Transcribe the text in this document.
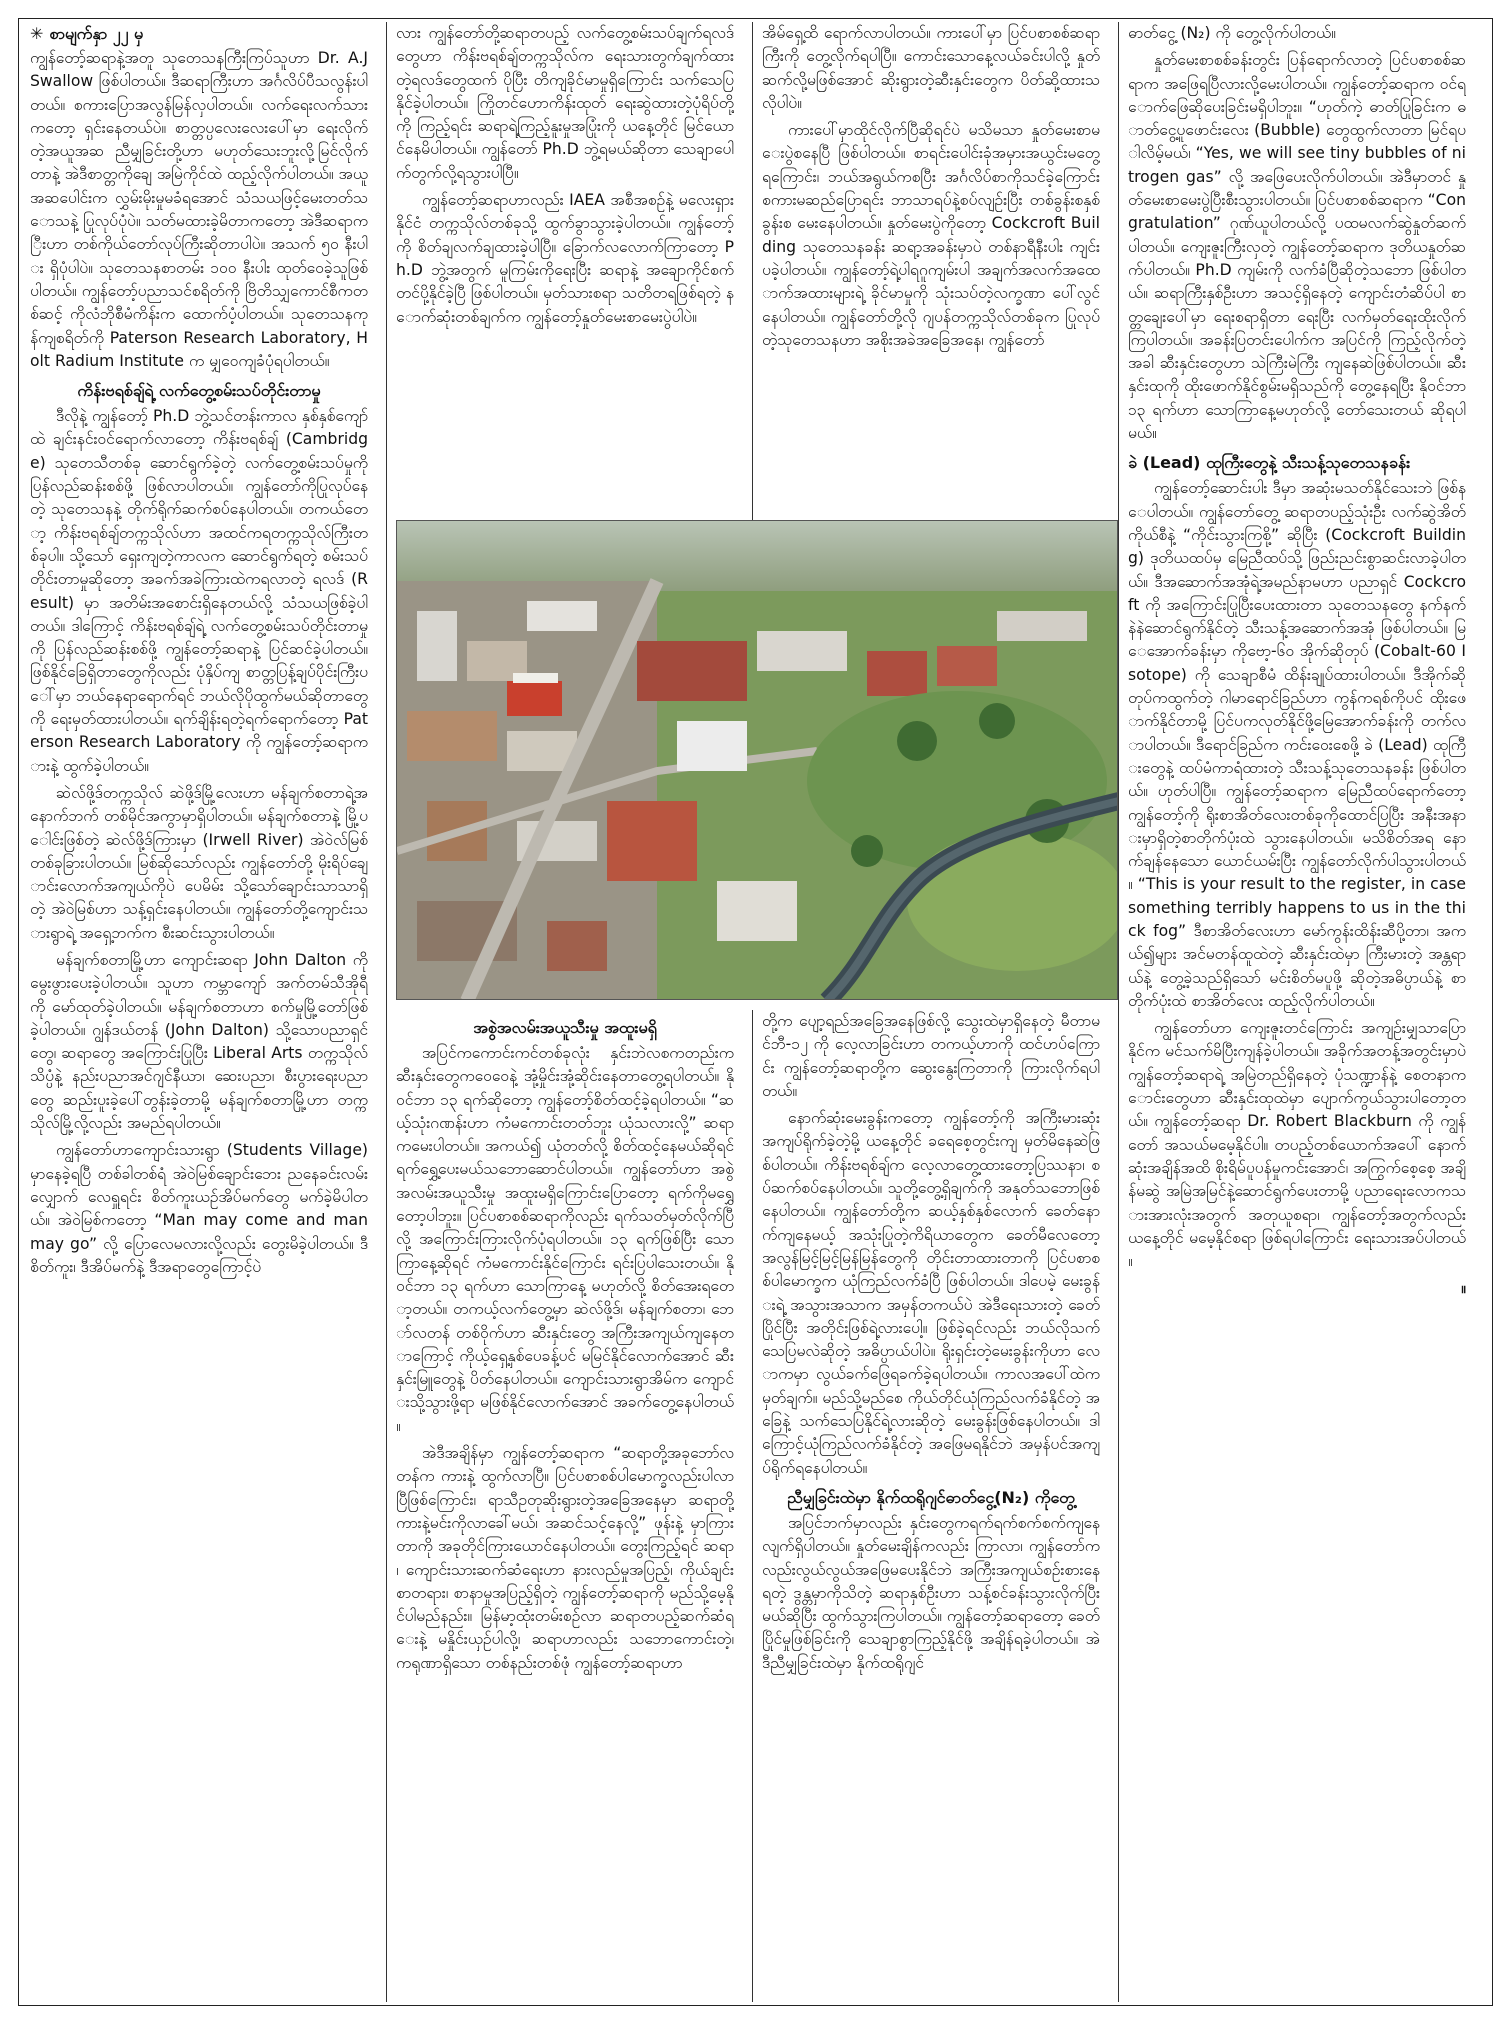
✳ စာမျက်နှာ ၂၂ မှ

ကျွန်တော့်ဆရာနဲ့အတူ သုတေသနကြီးကြပ်သူဟာ Dr. A.J Swallow ဖြစ်ပါတယ်။ ဒီဆရာကြီးဟာ အင်္ဂလိပ်ပီသလွန်းပါတယ်။ စကားပြောအလွန်မြန်လှပါတယ်။ လက်ရေးလက်သားကတော့ ရှင်းနေတယ်ပဲ။ စာတ္တပ္ပလေးလေးပေါ်မှာ ရေးလိုက်တဲ့အယူအဆ ညီမျှခြင်းတို့ဟာ မဟုတ်သေးဘူးလို့မြင်လိုက်တာနဲ့ အဲဒီစာတ္တကိုချေ အမြဲကိုင်ထဲ ထည့်လိုက်ပါတယ်။ အယူအဆပေါင်းက လွှမ်းမိုးမှုမခံရအောင် သံသယဖြင့်မေးတတ်သောသနဲ့ ပြုလုပ်ပုံပဲ။ သတ်မထားခဲ့မိတာကတော့ အဲဒီဆရာကြီးဟာ တစ်ကိုယ်တော်လုပ်ကြီးဆိုတာပါပဲ။ အသက် ၅၀ နီးပါး ရှိပုံပါပဲ။ သုတေသနစာတမ်း ၁၀၀ နီးပါး ထုတ်ဝေခဲ့သူဖြစ်ပါတယ်။ ကျွန်တော့်ပညာသင်စရိတ်ကို ဗြိတိသျှကောင်စီကတစ်ဆင့် ကိုလံဘိုစီမံကိန်းက ထောက်ပံ့ပါတယ်။ သုတေသနကုန်ကျစရိတ်ကို Paterson Research Laboratory, Holt Radium Institute က မျှဝေကျခံပုံရပါတယ်။

ကိန်းဗရစ်ချ်ရဲ့ လက်တွေ့စမ်းသပ်တိုင်းတာမှု

ဒီလိုနဲ့ ကျွန်တော့် Ph.D ဘွဲ့သင်တန်းကာလ နှစ်နှစ်ကျော်ထဲ ချင်းနင်းဝင်ရောက်လာတော့ ကိန်းဗရစ်ချ် (Cambridge) သုတေသီတစ်ခု ဆောင်ရွက်ခဲ့တဲ့ လက်တွေ့စမ်းသပ်မှုကို ပြန်လည်ဆန်းစစ်ဖို့ ဖြစ်လာပါတယ်။ ကျွန်တော်ကိုပြုလုပ်နေတဲ့ သုတေသနနဲ့ တိုက်ရိုက်ဆက်စပ်နေပါတယ်။ တကယ်တော့ ကိန်းဗရစ်ချ်တက္ကသိုလ်ဟာ အထင်ကရတက္ကသိုလ်ကြီးတစ်ခုပါ။ သို့သော် ရှေးကျတဲ့ကာလက ဆောင်ရွက်ရတဲ့ စမ်းသပ်တိုင်းတာမှုဆိုတော့ အခက်အခဲကြားထဲကရလာတဲ့ ရလဒ် (Result) မှာ အတိမ်းအစောင်းရှိနေတယ်လို့ သံသယဖြစ်ခဲ့ပါတယ်။ ဒါကြောင့် ကိန်းဗရစ်ချ်ရဲ့ လက်တွေ့စမ်းသပ်တိုင်းတာမှုကို ပြန်လည်ဆန်းစစ်ဖို့ ကျွန်တော့်ဆရာနဲ့ ပြင်ဆင်ခဲ့ပါတယ်။ ဖြစ်နိုင်ခြေရှိတာတွေကိုလည်း ပုံနှိပ်ကျ စာတ္တပြန့်ချပ်ပိုင်းကြီးပေါ်မှာ ဘယ်နေရာရောက်ရင် ဘယ်လိုပိုထွက်မယ်ဆိုတာတွေကို ရေးမှတ်ထားပါတယ်။ ရက်ချိန်းရတဲ့ရက်ရောက်တော့ Paterson Research Laboratory ကို ကျွန်တော့်ဆရာကားနဲ့ ထွက်ခဲ့ပါတယ်။

ဆဲလ်ဖို့ဒ်တက္ကသိုလ် ဆဲဖို့ဒ်မြို့လေးဟာ မန်ချက်စတာရဲ့အနောက်ဘက် တစ်မိုင်အကွာမှာရှိပါတယ်။ မန်ချက်စတာနဲ့ မြို့ပေါင်းဖြစ်တဲ့ ဆဲလ်ဖို့ဒ်ကြားမှာ (Irwell River) အဲဝဲလ်မြစ်တစ်ခုခြားပါတယ်။ မြစ်ဆိုသော်လည်း ကျွန်တော်တို့ မိုးရိပ်ချောင်းလောက်အကျယ်ကိုပဲ ပေမိမ်း သို့သော်ချောင်းသာသာရှိတဲ့ အဲဝဲမြစ်ဟာ သန့်ရှင်းနေပါတယ်။ ကျွန်တော်တို့ကျောင်းသားရွာရဲ့ အရှေ့ဘက်က စီးဆင်းသွားပါတယ်။

မန်ချက်စတာမြို့ဟာ ကျောင်းဆရာ John Dalton ကို မွေးဖွားပေးခဲ့ပါတယ်။ သူဟာ ကမ္ဘာကျော် အက်တမ်သီအိုရီကို မော်ထုတ်ခဲ့ပါတယ်။ မန်ချက်စတာဟာ စက်မှုမြို့တော်ဖြစ်ခဲ့ပါတယ်။ ဂျွန်ဒယ်တန် (John Dalton) သို့သောပညာရှင်တွေ၊ ဆရာတွေ အကြောင်းပြုပြီး Liberal Arts တက္ကသိုလ် သိပ္ပံနဲ့ နည်းပညာအင်ဂျင်နီယာ၊ ဆေးပညာ၊ စီးပွားရေးပညာတွေ ဆည်းပူးခဲ့ပေါ်တွန်းခဲ့တာမို့ မန်ချက်စတာမြို့ဟာ တက္ကသိုလ်မြို့လို့လည်း အမည်ရပါတယ်။

ကျွန်တော်ဟာကျောင်းသားရွာ (Students Village) မှာနေခဲ့ရပြီ တစ်ခါတစ်ရံ အဲဝဲမြစ်ချောင်းဘေး ညနေခင်းလမ်းလျှောက် လေရှူရင်း စိတ်ကူးယဉ်အိပ်မက်တွေ မက်ခဲ့မိပါတယ်။ အဲဝဲမြစ်ကတော့ “Man may come and man may go” လို့ ပြောလေမလားလို့လည်း တွေးမိခဲ့ပါတယ်။ ဒီစိတ်ကူး၊ ဒီအိပ်မက်နဲ့ ဒီအရာတွေကြောင့်ပဲ

လား ကျွန်တော်တို့ဆရာတပည့် လက်တွေ့စမ်းသပ်ချက်ရလဒ်တွေဟာ ကိန်းဗရစ်ချ်တက္ကသိုလ်က ရေးသားတွက်ချက်ထားတဲ့ရလဒ်တွေထက် ပိုပြီး တိကျခိုင်မာမှုရှိကြောင်း သက်သေပြနိုင်ခဲ့ပါတယ်။ ကြိုတင်ဟောကိန်းထုတ် ရေးဆွဲထားတဲ့ပုံရိပ်တို့ကို ကြည့်ရင်း ဆရာရဲ့ကြည့်နူးမှုအပြုံးကို ယနေ့တိုင် မြင်ယောင်နေမိပါတယ်။ ကျွန်တော် Ph.D ဘွဲ့ရမယ်ဆိုတာ သေချာပေါက်တွက်လို့ရသွားပါပြီ။

ကျွန်တော့်ဆရာဟာလည်း IAEA အစီအစဉ်နဲ့ မလေးရှားနိုင်ငံ တက္ကသိုလ်တစ်ခုသို့ ထွက်ခွာသွားခဲ့ပါတယ်။ ကျွန်တော့်ကို စိတ်ချလက်ချထားခဲ့ပါပြီ။ ခြောက်လလောက်ကြာတော့ Ph.D ဘွဲ့အတွက် မူကြမ်းကိုရေးပြီး ဆရာနဲ့ အချောကိုင်စက်တင်ပို့နိုင်ခဲ့ပြီ ဖြစ်ပါတယ်။ မှတ်သားစရာ သတိတရဖြစ်ရတဲ့ နောက်ဆုံးတစ်ချက်က ကျွန်တော့်နှုတ်မေးစာမေးပွဲပါပဲ။

အိမ်ရှေ့ထိ ရောက်လာပါတယ်။ ကားပေါ်မှာ ပြင်ပစာစစ်ဆရာကြီးကို တွေ့လိုက်ရပါပြီ။ ကောင်းသောနေ့လယ်ခင်းပါလို့ နှုတ်ဆက်လို့မဖြစ်အောင် ဆိုးရွားတဲ့ဆီးနှင်းတွေက ပိတ်ဆို့ထားသလိုပါပဲ။

ကားပေါ်မှာထိုင်လိုက်ပြီဆိုရင်ပဲ မသိမသာ နှုတ်မေးစာမေးပွဲစနေပြီ ဖြစ်ပါတယ်။ စာရင်းပေါင်းခုံအမှားအယွင်းမတွေ့ရကြောင်း၊ ဘယ်အရွယ်ကစပြီး အင်္ဂလိပ်စာကိုသင်ခဲ့ကြောင်း စကားမဆည်ပြောရင်း ဘာသာရပ်နဲ့စပ်လျဉ်းပြီး တစ်ခွန်းစနှစ်ခွန်းစ မေးနေပါတယ်။ နှုတ်မေးပွဲကိုတော့ Cockcroft Building သုတေသနခန်း ဆရာ့အခန်းမှာပဲ တစ်နာရီနီးပါး ကျင်းပခဲ့ပါတယ်။ ကျွန်တော့်ရဲ့ပါရဂူကျမ်းပါ အချက်အလက်အထောက်အထားများရဲ့ ခိုင်မာမှုကို သုံးသပ်တဲ့လက္ခဏာ ပေါ်လွင်နေပါတယ်။ ကျွန်တော်တို့လို ဂျပန်တက္ကသိုလ်တစ်ခုက ပြုလုပ်တဲ့သုတေသနဟာ အစိုးအခဲအခြေအနေ၊ ကျွန်တော်

အစွဲအလမ်းအယူသီးမှု အထူးမရှိ

အပြင်ကကောင်းကင်တစ်ခုလုံး နှင်းဘဲလစကတည်းက ဆီးနှင်းတွေကဝေဝေနဲ့ အုံ့မှိုင်းအုံ့ဆိုင်းနေတာတွေ့ရပါတယ်။ နိုဝင်ဘာ ၁၃ ရက်ဆိုတော့ ကျွန်တော့်စိတ်ထင့်ခဲ့ရပါတယ်။ “ဆယ့်သုံးဂဏန်းဟာ ကံမကောင်းတတ်ဘူး ယုံသလားလို့” ဆရာကမေးပါတယ်။ အကယ်၍ ယုံတတ်လို့ စိတ်ထင့်နေမယ်ဆိုရင် ရက်ရွှေ့ပေးမယ်သဘောဆောင်ပါတယ်။ ကျွန်တော်ဟာ အစွဲအလမ်းအယူသီးမှု အထူးမရှိကြောင်းပြောတော့ ရက်ကိုမရွှေ့တော့ပါဘူး။ ပြင်ပစာစစ်ဆရာကိုလည်း ရက်သတ်မှတ်လိုက်ပြီလို့ အကြောင်းကြားလိုက်ပုံရပါတယ်။ ၁၃ ရက်ဖြစ်ပြီး သောကြာနေ့ဆိုရင် ကံမကောင်းနိုင်ကြောင်း ရင်းပြပါသေးတယ်။ နိုဝင်ဘာ ၁၃ ရက်ဟာ သောကြာနေ့ မဟုတ်လို့ စိတ်အေးရတော့တယ်။ တကယ့်လက်တွေ့မှာ ဆဲလ်ဖို့ဒ်၊ မန်ချက်စတာ၊ ဘော်လတန် တစ်ဝိုက်ဟာ ဆီးနှင်းတွေ အကြီးအကျယ်ကျနေတာကြောင့် ကိုယ့်ရှေ့နှစ်ပေခန့်ပင် မမြင်နိုင်လောက်အောင် ဆီးနှင်းမြူတွေနဲ့ ပိတ်နေပါတယ်။ ကျောင်းသားရွာအိမ်က ကျောင်းသို့သွားဖို့ရာ မဖြစ်နိုင်လောက်အောင် အခက်တွေ့နေပါတယ်။

အဲဒီအချိန်မှာ ကျွန်တော့်ဆရာက “ဆရာတို့အခုဘော်လတန်က ကားနဲ့ ထွက်လာပြီ။ ပြင်ပစာစစ်ပါမောက္ခလည်းပါလာပြီဖြစ်ကြောင်း၊ ရာသီဥတုဆိုးရွားတဲ့အခြေအနေမှာ ဆရာတို့ကားနဲ့မင်းကိုလာခေါ်မယ်၊ အဆင်သင့်နေလို့” ဖုန်းနဲ့ မှာကြားတာကို အခုတိုင်ကြားယောင်နေပါတယ်။ တွေးကြည့်ရင် ဆရာ၊ ကျောင်းသားဆက်ဆံရေးဟာ နားလည်မှုအပြည့်၊ ကိုယ်ချင်းစာတရား၊ စာနာမှုအပြည့်ရှိတဲ့ ကျွန်တော့်ဆရာကို မည်သို့မေ့နိုင်ပါမည်နည်း။ မြန်မာ့ထုံးတမ်းစဉ်လာ ဆရာတပည့်ဆက်ဆံရေးနဲ့ မနှိုင်းယှဉ်ပါလို့၊ ဆရာဟာလည်း သဘောကောင်းတဲ့၊ ကရုဏာရှိသော တစ်နည်းတစ်ဖုံ ကျွန်တော့်ဆရာဟာ

တို့က ပျော့ရည်အခြေအနေဖြစ်လို့ သွေးထဲမှာရှိနေတဲ့ မီတာမင်ဘီ-၁၂ ကို လေ့လာခြင်းဟာ တကယ့်ဟာကို ထင်ဟပ်ကြောင်း ကျွန်တော့်ဆရာတို့က ဆွေးနွေးကြတာကို ကြားလိုက်ရပါတယ်။

နောက်ဆုံးမေးခွန်းကတော့ ကျွန်တော့်ကို အကြီးမားဆုံးအကျပ်ရိုက်ခဲ့တဲ့မို့ ယနေ့တိုင် ခရေစေ့တွင်းကျ မှတ်မိနေဆဲဖြစ်ပါတယ်။ ကိန်းဗရစ်ချ်က လေ့လာတွေ့ထားတော့ပြဿနာ၊ စပ်ဆက်စပ်နေပါတယ်။ သူတို့တွေ့ရှိချက်ကို အနုတ်သဘောဖြစ်နေပါတယ်။ ကျွန်တော်တို့က ဆယ့်နှစ်နှစ်လောက် ခေတ်နောက်ကျနေမယ့် အသုံးပြုတဲ့ကိရိယာတွေက ခေတ်မီလေတော့ အလွန်မြင့်မြင့်မြန်မြန်တွေကို တိုင်းတာထားတာကို ပြင်ပစာစစ်ပါမောက္ခက ယုံကြည်လက်ခံပြီ ဖြစ်ပါတယ်။ ဒါပေမဲ့ မေးခွန်းရဲ့ အသွားအသာက အမှန်တကယ်ပဲ အဲဒီရေးသားတဲ့ ခေတ်ပြိုင်ပြီး အတိုင်းဖြစ်ရဲ့လားပေါ့။ ဖြစ်ခဲ့ရင်လည်း ဘယ်လိုသက်သေပြမလဲဆိုတဲ့ အဓိပ္ပာယ်ပါပဲ။ ရိုးရှင်းတဲ့မေးခွန်းကိုဟာ လောကမှာ လွယ်ခက်ဖြေရခက်ခဲ့ရပါတယ်။ ကာလအပေါ်ထဲကမှတ်ချက်။ မည်သို့မည်စေ ကိုယ်တိုင်ယုံကြည်လက်ခံနိုင်တဲ့ အခြေနဲ့ သက်သေပြနိုင်ရဲ့လားဆိုတဲ့ မေးခွန်းဖြစ်နေပါတယ်။ ဒါကြောင့်ယုံကြည်လက်ခံနိုင်တဲ့ အဖြေမရနိုင်ဘဲ အမှန်ပင်အကျပ်ရိုက်ရနေပါတယ်။

ညီမျှခြင်းထဲမှာ နိုက်ထရိုဂျင်ဓာတ်ငွေ့(N₂) ကိုတွေ့

အပြင်ဘက်မှာလည်း နှင်းတွေကရက်ရက်စက်စက်ကျနေလျက်ရှိပါတယ်။ နှုတ်မေးချိန်ကလည်း ကြာလာ၊ ကျွန်တော်ကလည်းလွယ်လွယ်အဖြေမပေးနိုင်ဘဲ အကြီးအကျယ်စဉ်းစားနေရတဲ့ ဒွန္တမှာကိုသိတဲ့ ဆရာနှစ်ဦးဟာ သန့်စင်ခန်းသွားလိုက်ပြီးမယ်ဆိုပြီး ထွက်သွားကြပါတယ်။ ကျွန်တော့်ဆရာတော့ ခေတ်ပြိုင်မှုဖြစ်ခြင်းကို သေချာစွာကြည့်နိုင်ဖို့ အချိန်ရခဲ့ပါတယ်။ အဲဒီညီမျှခြင်းထဲမှာ နိုက်ထရိုဂျင်

ဓာတ်ငွေ့ (N₂) ကို တွေ့လိုက်ပါတယ်။

နှုတ်မေးစာစစ်ခန်းတွင်း ပြန်ရောက်လာတဲ့ ပြင်ပစာစစ်ဆရာက အဖြေရပြီလားလို့မေးပါတယ်။ ကျွန်တော့်ဆရာက ဝင်ရောက်ဖြေဆိုပေးခြင်းမရှိပါဘူး။ “ဟုတ်ကဲ့ ဓာတ်ပြုခြင်းက ဓာတ်ငွေ့ပူဖောင်းလေး (Bubble) တွေထွက်လာတာ မြင်ရပါလိမ့်မယ်၊ “Yes, we will see tiny bubbles of nitrogen gas” လို့ အဖြေပေးလိုက်ပါတယ်။ အဲဒီမှာတင် နှုတ်မေးစာမေးပွဲပြီးစီးသွားပါတယ်။ ပြင်ပစာစစ်ဆရာက “Congratulation” ဂုဏ်ယူပါတယ်လို့ ပထမလက်ဆွဲနှုတ်ဆက်ပါတယ်။ ကျေးဇူးကြီးလှတဲ့ ကျွန်တော့်ဆရာက ဒုတိယနှုတ်ဆက်ပါတယ်။ Ph.D ကျမ်းကို လက်ခံပြီဆိုတဲ့သဘော ဖြစ်ပါတယ်။ ဆရာကြီးနှစ်ဦးဟာ အသင့်ရှိနေတဲ့ ကျောင်းတံဆိပ်ပါ စာတ္တချေးပေါ်မှာ ရေးစရာရှိတာ ရေးပြီး လက်မှတ်ရေးထိုးလိုက်ကြပါတယ်။ အခန်းပြတင်းပေါက်က အပြင်ကို ကြည့်လိုက်တဲ့အခါ ဆီးနှင်းတွေဟာ သဲကြီးမဲကြီး ကျနေဆဲဖြစ်ပါတယ်။ ဆီးနှင်းထုကို ထိုးဖောက်နိုင်စွမ်းမရှိသည်ကို တွေ့နေရပြီး နိုဝင်ဘာ ၁၃ ရက်ဟာ သောကြာနေ့မဟုတ်လို့ တော်သေးတယ် ဆိုရပါမယ်။

ခဲ (Lead) ထုကြီးတွေနဲ့ သီးသန့်သုတေသနခန်း

ကျွန်တော့်ဆောင်းပါး ဒီမှာ အဆုံးမသတ်နိုင်သေးဘဲ ဖြစ်နေပါတယ်။ ကျွန်တော်တွေ့ ဆရာတပည့်သုံးဦး လက်ဆွဲအိတ်ကိုယ်စီနဲ့ “ကိုင်းသွားကြစို့” ဆိုပြီး (Cockcroft Building) ဒုတိယထပ်မှ မြေညီထပ်သို့ ဖြည်းညင်းစွာဆင်းလာခဲ့ပါတယ်။ ဒီအဆောက်အအုံရဲ့အမည်နာမဟာ ပညာရှင် Cockcroft ကို အကြောင်းပြုပြီးပေးထားတာ သုတေသနတွေ နက်နက်နဲနဲဆောင်ရွက်နိုင်တဲ့ သီးသန့်အဆောက်အအုံ ဖြစ်ပါတယ်။ မြေအောက်ခန်းမှာ ကိုဗော့-၆၀ အိုက်ဆိုတုပ် (Cobalt-60 Isotope) ကို သေချာစီမံ ထိန်းချုပ်ထားပါတယ်။ ဒီအိုက်ဆိုတုပ်ကထွက်တဲ့ ဂါမာရောင်ခြည်ဟာ ကွန်ကရစ်ကိုပင် ထိုးဖောက်နိုင်တာမို့ ပြင်ပကလုတ်နိုင်ဖို့မြေအောက်ခန်းကို တက်လာပါတယ်။ ဒီရောင်ခြည်က ကင်းဝေးစေဖို့ ခဲ (Lead) ထုကြီးတွေနဲ့ ထပ်မံကာရံထားတဲ့ သီးသန့်သုတေသနခန်း ဖြစ်ပါတယ်။ ဟုတ်ပါပြီ။ ကျွန်တော့်ဆရာက မြေညီထပ်ရောက်တော့ ကျွန်တော့်ကို ရိုးစာအိတ်လေးတစ်ခုကိုထောင်ပြပြီး အနီးအနားမှာရှိတဲ့စာတိုက်ပုံးထဲ သွားနေပါတယ်။ မသိစိတ်အရ နောက်ချန်နေသော ယောင်ယမ်းပြီး ကျွန်တော်လိုက်ပါသွားပါတယ်။ “This is your result to the register, in case something terribly happens to us in the thick fog” ဒီစာအိတ်လေးဟာ မော်ကွန်းထိန်းဆီပို့တာ၊ အကယ်၍များ အင်မတန်ထူထဲတဲ့ ဆီးနှင်းထဲမှာ ကြီးမားတဲ့ အန္တရာယ်နဲ့ တွေ့ခဲ့သည်ရှိသော် မင်းစိတ်မပူဖို့ ဆိုတဲ့အဓိပ္ပာယ်နဲ့ စာတိုက်ပုံးထဲ စာအိတ်လေး ထည့်လိုက်ပါတယ်။

ကျွန်တော်ဟာ ကျေးဇူးတင်ကြောင်း အကျဉ်းမျှသာပြောနိုင်က မင်သက်မိပြီးကျန်ခဲ့ပါတယ်။ အခိုက်အတန့်အတွင်းမှာပဲ ကျွန်တော့်ဆရာရဲ့ အမြဲတည်ရှိနေတဲ့ ပုံသဏ္ဍာန်နဲ့ စေတနာကောင်းတွေဟာ ဆီးနှင်းထုထဲမှာ ပျောက်ကွယ်သွားပါတော့တယ်။ ကျွန်တော့်ဆရာ Dr. Robert Blackburn ကို ကျွန်တော် အသယ်မမေ့နိုင်ပါ။ တပည့်တစ်ယောက်အပေါ် နောက်ဆုံးအချိန်အထိ စိုးရိမ်ပူပန်မှုကင်းအောင်၊ အကြွက်စေ့စေ့ အချိန်မဆွဲ အမြဲအမြင်နဲ့ဆောင်ရွက်ပေးတာမို့ ပညာရေးလောကသားအားလုံးအတွက် အတုယူစရာ၊ ကျွန်တော့်အတွက်လည်း ယနေ့တိုင် မမေ့နိုင်စရာ ဖြစ်ရပါကြောင်း ရေးသားအပ်ပါတယ်။

။
